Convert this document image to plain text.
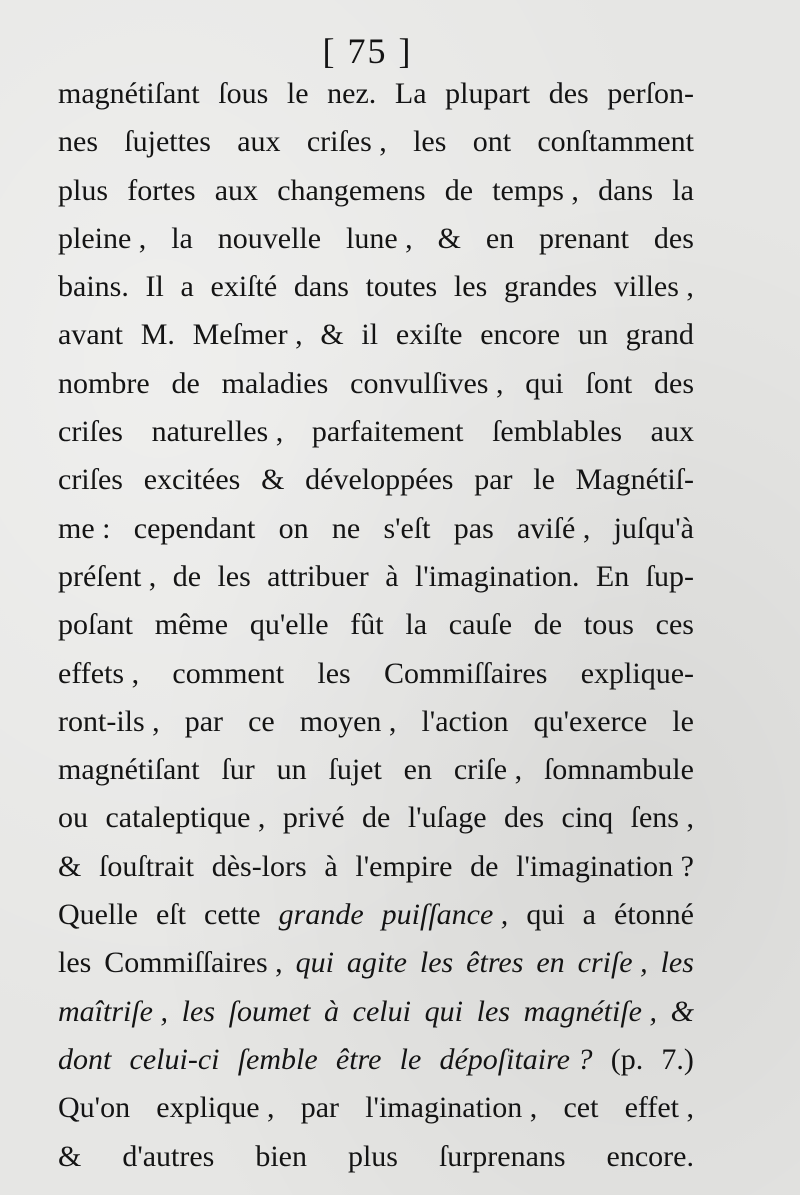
[ 75 ]
magnétiſant ſous le nez. La plupart des perſon-
nes ſujettes aux criſes , les ont conſtamment
plus fortes aux changemens de temps , dans la
pleine , la nouvelle lune , & en prenant des
bains. Il a exiſté dans toutes les grandes villes ,
avant M. Meſmer , & il exiſte encore un grand
nombre de maladies convulſives , qui ſont des
criſes naturelles , parfaitement ſemblables aux
criſes excitées & développées par le Magnétiſ-
me : cependant on ne s'eſt pas aviſé , juſqu'à
préſent , de les attribuer à l'imagination. En ſup-
poſant même qu'elle fût la cauſe de tous ces
effets , comment les Commiſſaires explique-
ront-ils , par ce moyen , l'action qu'exerce le
magnétiſant ſur un ſujet en criſe , ſomnambule
ou cataleptique , privé de l'uſage des cinq ſens ,
& ſouſtrait dès-lors à l'empire de l'imagination ?
Quelle eſt cette grande puiſſance , qui a étonné
les Commiſſaires , qui agite les êtres en criſe , les
maîtriſe , les ſoumet à celui qui les magnétiſe , &
dont celui-ci ſemble être le dépoſitaire ? (p. 7.)
Qu'on explique , par l'imagination , cet effet ,
& d'autres bien plus ſurprenans encore.
